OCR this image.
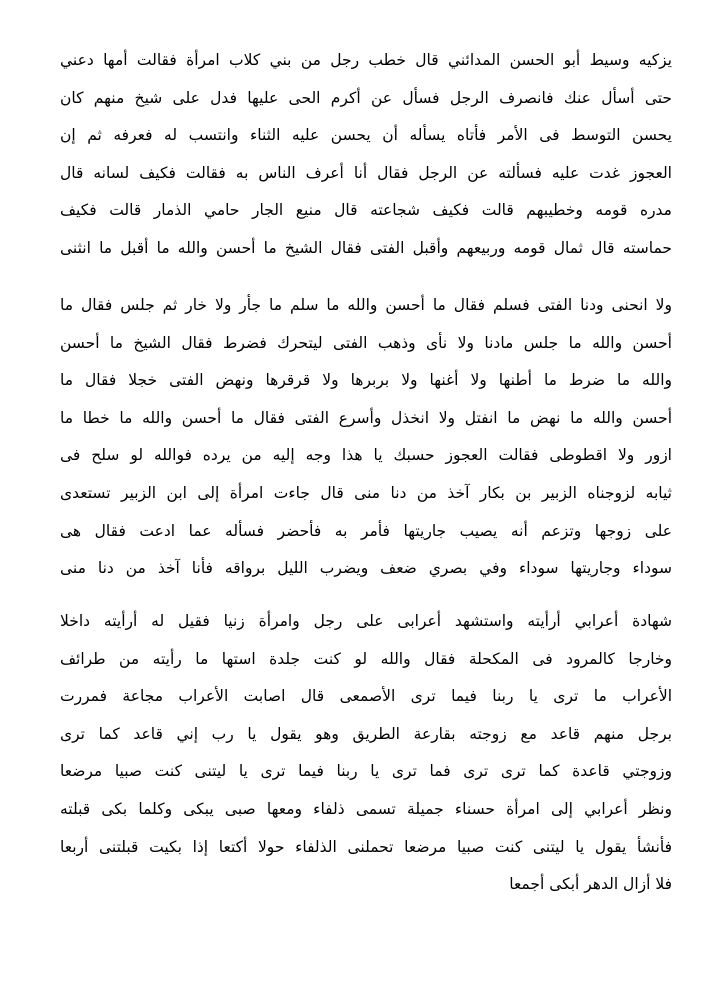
يزكيه وسيط أبو الحسن المدائني قال خطب رجل من بني كلاب امرأة فقالت أمها دعني
حتى أسأل عنك فانصرف الرجل فسأل عن أكرم الحى عليها فدل على شيخ منهم كان
يحسن التوسط فى الأمر فأتاه يسأله أن يحسن عليه الثناء وانتسب له فعرفه ثم إن
العجوز غدت عليه فسألته عن الرجل فقال أنا أعرف الناس به فقالت فكيف لسانه قال
مدره قومه وخطيبهم قالت فكيف شجاعته قال منيع الجار حامي الذمار قالت فكيف
حماسته قال ثمال قومه وربيعهم وأقبل الفتى فقال الشيخ ما أحسن والله ما أقبل ما انثنى
ولا انحنى ودنا الفتى فسلم فقال ما أحسن والله ما سلم ما جأر ولا خار ثم جلس فقال ما
أحسن والله ما جلس مادنا ولا نأى وذهب الفتى ليتحرك فضرط فقال الشيخ ما أحسن
والله ما ضرط ما أطنها ولا أغنها ولا بربرها ولا قرقرها ونهض الفتى خجلا فقال ما
أحسن والله ما نهض ما انفتل ولا انخذل وأسرع الفتى فقال ما أحسن والله ما خطا ما
ازور ولا اقطوطى فقالت العجوز حسبك يا هذا وجه إليه من يرده فوالله لو سلح فى
ثيابه لزوجناه الزبير بن بكار آخذ من دنا منى قال جاءت امرأة إلى ابن الزبير تستعدى
على زوجها وتزعم أنه يصيب جاريتها فأمر به فأحضر فسأله عما ادعت فقال هى
سوداء وجاريتها سوداء وفي بصري ضعف ويضرب الليل برواقه فأنا آخذ من دنا منى
شهادة أعرابي أرأيته واستشهد أعرابى على رجل وامرأة زنيا فقيل له أرأيته داخلا
وخارجا كالمرود فى المكحلة فقال والله لو كنت جلدة استها ما رأيته من طرائف
الأعراب ما ترى يا ربنا فيما ترى الأصمعى قال اصابت الأعراب مجاعة فمررت
برجل منهم قاعد مع زوجته بقارعة الطريق وهو يقول يا رب إني قاعد كما ترى
وزوجتي قاعدة كما ترى ترى فما ترى يا ربنا فيما ترى يا ليتنى كنت صبيا مرضعا
ونظر أعرابي إلى امرأة حسناء جميلة تسمى ذلفاء ومعها صبى يبكى وكلما بكى قبلته
فأنشأ يقول يا ليتنى كنت صبيا مرضعا تحملنى الذلفاء حولا أكتعا إذا بكيت قبلتنى أربعا
فلا أزال الدهر أبكى أجمعا
